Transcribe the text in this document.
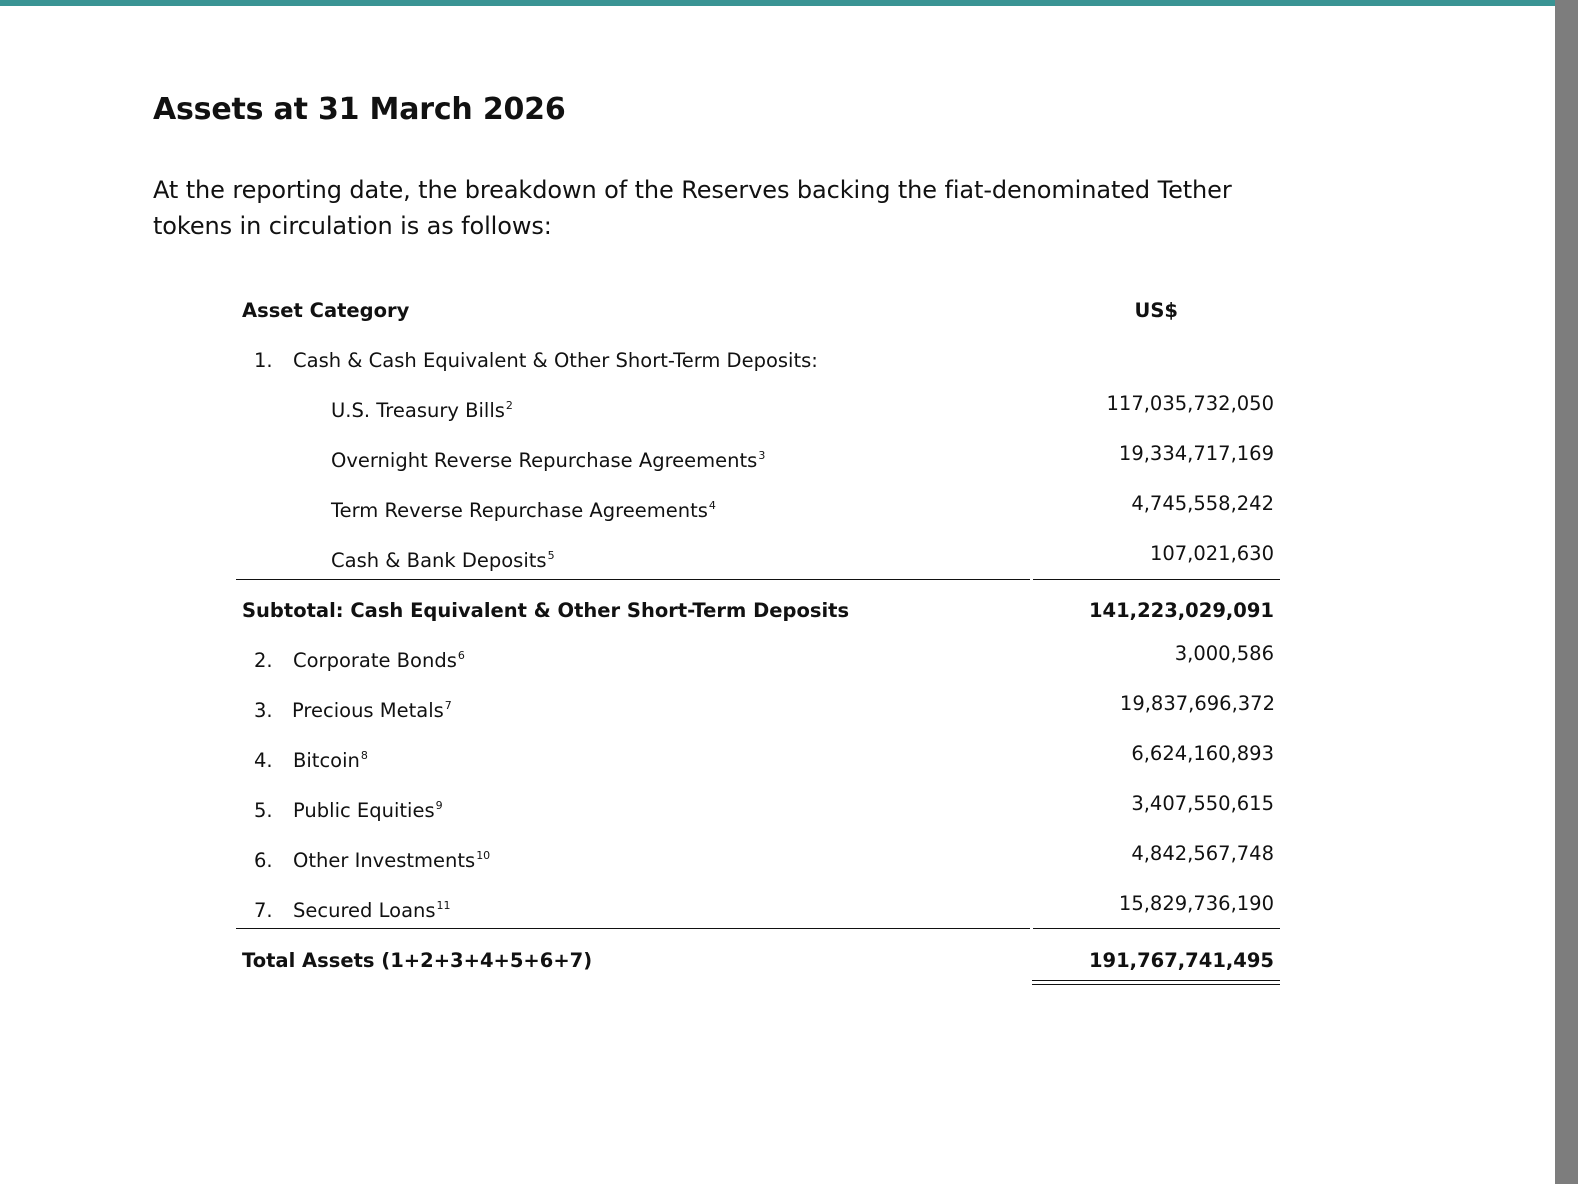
Assets at 31 March 2026

At the reporting date, the breakdown of the Reserves backing the fiat-denominated Tether tokens in circulation is as follows:

Asset Category	US$
1. Cash & Cash Equivalent & Other Short-Term Deposits:
U.S. Treasury Bills$^2$	117,035,732,050
Overnight Reverse Repurchase Agreements$^3$	19,334,717,169
Term Reverse Repurchase Agreements$^4$	4,745,558,242
Cash & Bank Deposits$^5$	107,021,630
Subtotal: Cash Equivalent & Other Short-Term Deposits	141,223,029,091
2. Corporate Bonds$^6$	3,000,586
3. Precious Metals$^7$	19,837,696,372
4. Bitcoin$^8$	6,624,160,893
5. Public Equities$^9$	3,407,550,615
6. Other Investments$^{10}$	4,842,567,748
7. Secured Loans$^{11}$	15,829,736,190
Total Assets (1+2+3+4+5+6+7)	191,767,741,495
